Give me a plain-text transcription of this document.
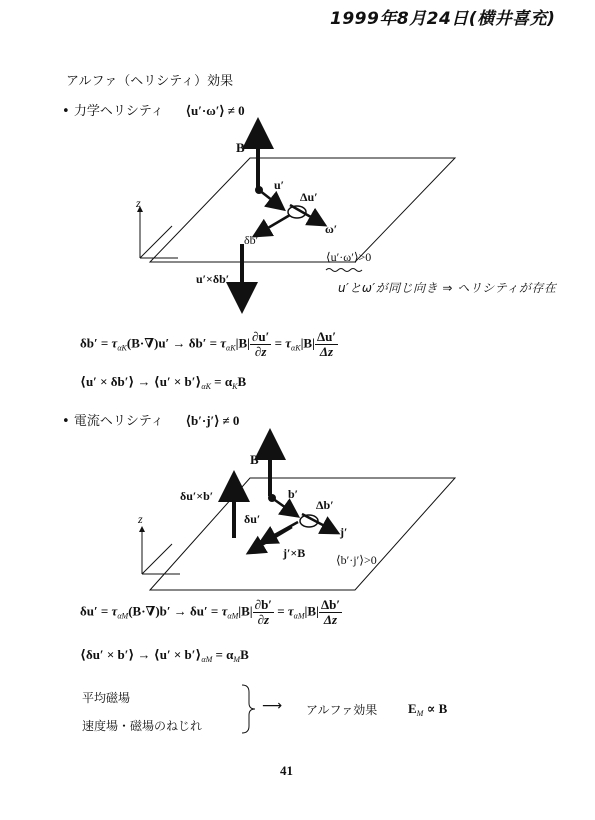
1999年8月24日(横井喜充)
アルファ（ヘリシティ）効果
• 力学ヘリシティ ⟨u′·ω′⟩ ≠ 0
B
u′
Δu′
ω′
δb′
z
u′×δb′
⟨u′·ω′⟩>0
u′とω′が同じ向き ⇒ ヘリシティが存在
$\delta b' = \tau_{\alpha K}(B\cdot\nabla)u' \to \delta b' = \tau_{\alpha K}|B| \frac{\partial u'}{\partial z} = \tau_{\alpha K}|B| \frac{\Delta u'}{\Delta z}$
⟨u′ × δb′⟩ → ⟨u′ × $b'⟩_{\alpha K} = \alpha_KB$
• 電流ヘリシティ ⟨b′·j′⟩ ≠ 0
B
δu′×b′	b′
Δb′
δu′
j′
z
j′×B	⟨b′·j′⟩>0
$\delta u' = \tau_{\alpha M}(B\cdot\nabla)b' \to \delta u' = \tau_{\alpha M}|B| \frac{\partial b'}{\partial z} = \tau_{\alpha M}|B| \frac{\Delta b'}{\Delta z}$
⟨δu′ × b′⟩ → ⟨u′ × $b'⟩_{\alpha M} = \alpha_MB$
平均磁場
速度場・磁場のねじれ
⟶ アルファ効果 $E_M \propto B$
41
